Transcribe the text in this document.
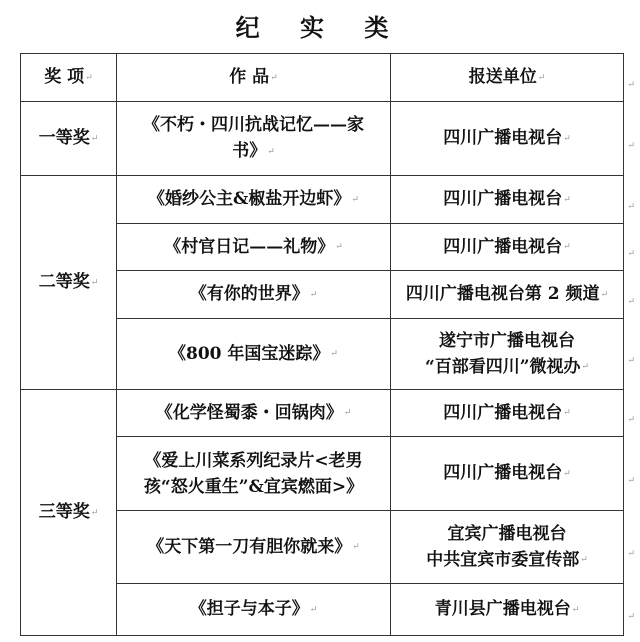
纪 实 类
奖 项↵	作 品↵	报送单位↵
↵

一等奖↵	《不朽・四川抗战记忆——家
书》↵	四川广播电视台↵
↵

二等奖↵	《婚纱公主&椒盐开边虾》↵	四川广播电视台↵
↵

	《村官日记——礼物》↵	四川广播电视台↵
↵

	《有你的世界》↵	四川广播电视台第 2 频道↵
↵

	《800 年国宝迷踪》↵	遂宁市广播电视台
“百部看四川”微视办↵
↵

三等奖↵	《化学怪蜀黍・回锅肉》↵	四川广播电视台↵
↵

	《爱上川菜系列纪录片<老男
孩“怒火重生”&宜宾燃面>》	四川广播电视台↵
↵

	《天下第一刀有胆你就来》↵	宜宾广播电视台
中共宜宾市委宣传部↵
↵

	《担子与本子》↵	青川县广播电视台↵
↵
